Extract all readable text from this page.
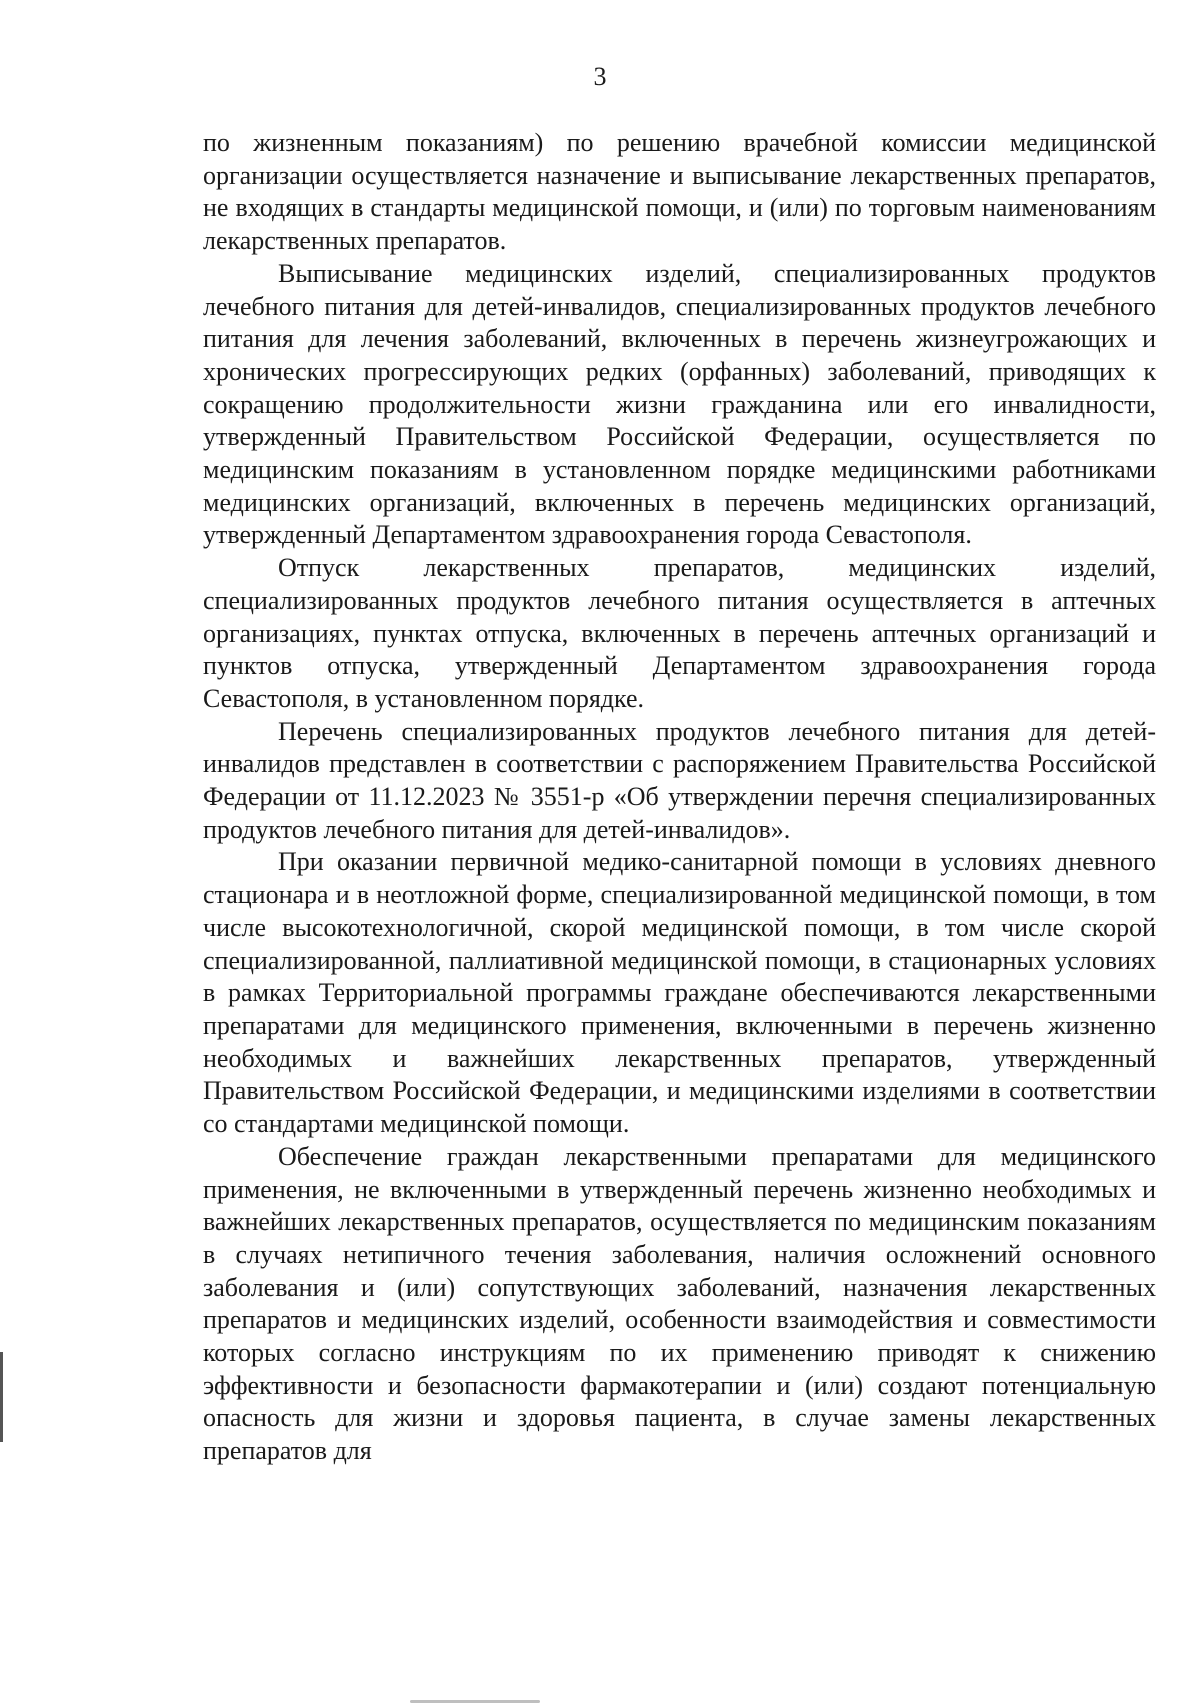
3

по жизненным показаниям) по решению врачебной комиссии медицинской организации осуществляется назначение и выписывание лекарственных препаратов, не входящих в стандарты медицинской помощи, и (или) по торговым наименованиям лекарственных препаратов.

Выписывание медицинских изделий, специализированных продуктов лечебного питания для детей-инвалидов, специализированных продуктов лечебного питания для лечения заболеваний, включенных в перечень жизнеугрожающих и хронических прогрессирующих редких (орфанных) заболеваний, приводящих к сокращению продолжительности жизни гражданина или его инвалидности, утвержденный Правительством Российской Федерации, осуществляется по медицинским показаниям в установленном порядке медицинскими работниками медицинских организаций, включенных в перечень медицинских организаций, утвержденный Департаментом здравоохранения города Севастополя.

Отпуск лекарственных препаратов, медицинских изделий, специализированных продуктов лечебного питания осуществляется в аптечных организациях, пунктах отпуска, включенных в перечень аптечных организаций и пунктов отпуска, утвержденный Департаментом здравоохранения города Севастополя, в установленном порядке.

Перечень специализированных продуктов лечебного питания для детей-инвалидов представлен в соответствии с распоряжением Правительства Российской Федерации от 11.12.2023 № 3551-р «Об утверждении перечня специализированных продуктов лечебного питания для детей-инвалидов».

При оказании первичной медико-санитарной помощи в условиях дневного стационара и в неотложной форме, специализированной медицинской помощи, в том числе высокотехнологичной, скорой медицинской помощи, в том числе скорой специализированной, паллиативной медицинской помощи, в стационарных условиях в рамках Территориальной программы граждане обеспечиваются лекарственными препаратами для медицинского применения, включенными в перечень жизненно необходимых и важнейших лекарственных препаратов, утвержденный Правительством Российской Федерации, и медицинскими изделиями в соответствии со стандартами медицинской помощи.

Обеспечение граждан лекарственными препаратами для медицинского применения, не включенными в утвержденный перечень жизненно необходимых и важнейших лекарственных препаратов, осуществляется по медицинским показаниям в случаях нетипичного течения заболевания, наличия осложнений основного заболевания и (или) сопутствующих заболеваний, назначения лекарственных препаратов и медицинских изделий, особенности взаимодействия и совместимости которых согласно инструкциям по их применению приводят к снижению эффективности и безопасности фармакотерапии и (или) создают потенциальную опасность для жизни и здоровья пациента, в случае замены лекарственных препаратов для
